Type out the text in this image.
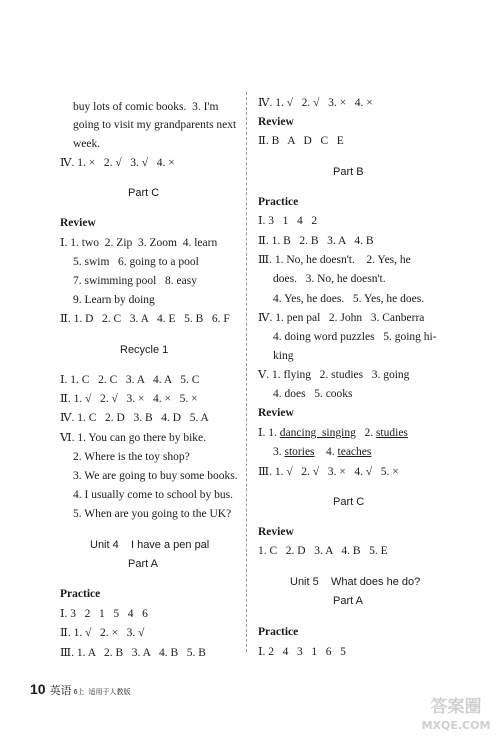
buy lots of comic books.  3. I'm
going to visit my grandparents next
week.
Ⅳ. 1. ×   2. √   3. √   4. ×
Part C
Review
Ⅰ. 1. two  2. Zip  3. Zoom  4. learn
5. swim   6. going to a pool
7. swimming pool   8. easy
9. Learn by doing
Ⅱ. 1. D   2. C   3. A   4. E   5. B   6. F
Recycle 1
Ⅰ. 1. C   2. C   3. A   4. A   5. C
Ⅱ. 1. √   2. √   3. ×   4. ×   5. ×
Ⅳ. 1. C   2. D   3. B   4. D   5. A
Ⅵ. 1. You can go there by bike.
2. Where is the toy shop?
3. We are going to buy some books.
4. I usually come to school by bus.
5. When are you going to the UK?
Unit 4    I have a pen pal
Part A
Practice
Ⅰ. 3   2   1   5   4   6
Ⅱ. 1. √   2. ×   3. √
Ⅲ. 1. A   2. B   3. A   4. B   5. B
Ⅳ. 1. √   2. √   3. ×   4. ×
Review
Ⅱ. B   A   D   C   E
Part B
Practice
Ⅰ. 3   1   4   2
Ⅱ. 1. B   2. B   3. A   4. B
Ⅲ. 1. No, he doesn't.    2. Yes, he
does.   3. No, he doesn't.
4. Yes, he does.   5. Yes, he does.
Ⅳ. 1. pen pal   2. John   3. Canberra
4. doing word puzzles   5. going hi-
king
Ⅴ. 1. flying   2. studies   3. going
4. does   5. cooks
Review
Ⅰ. 1. dancing  singing   2. studies
3. stories    4. teaches
Ⅲ. 1. √   2. √   3. ×   4. √   5. ×
Part C
Review
1. C   2. D   3. A   4. B   5. E
Unit 5    What does he do?
Part A
Practice
Ⅰ. 2   4   3   1   6   5
10 英语 6上 适用于人教版
答案圈
MXQE.COM
